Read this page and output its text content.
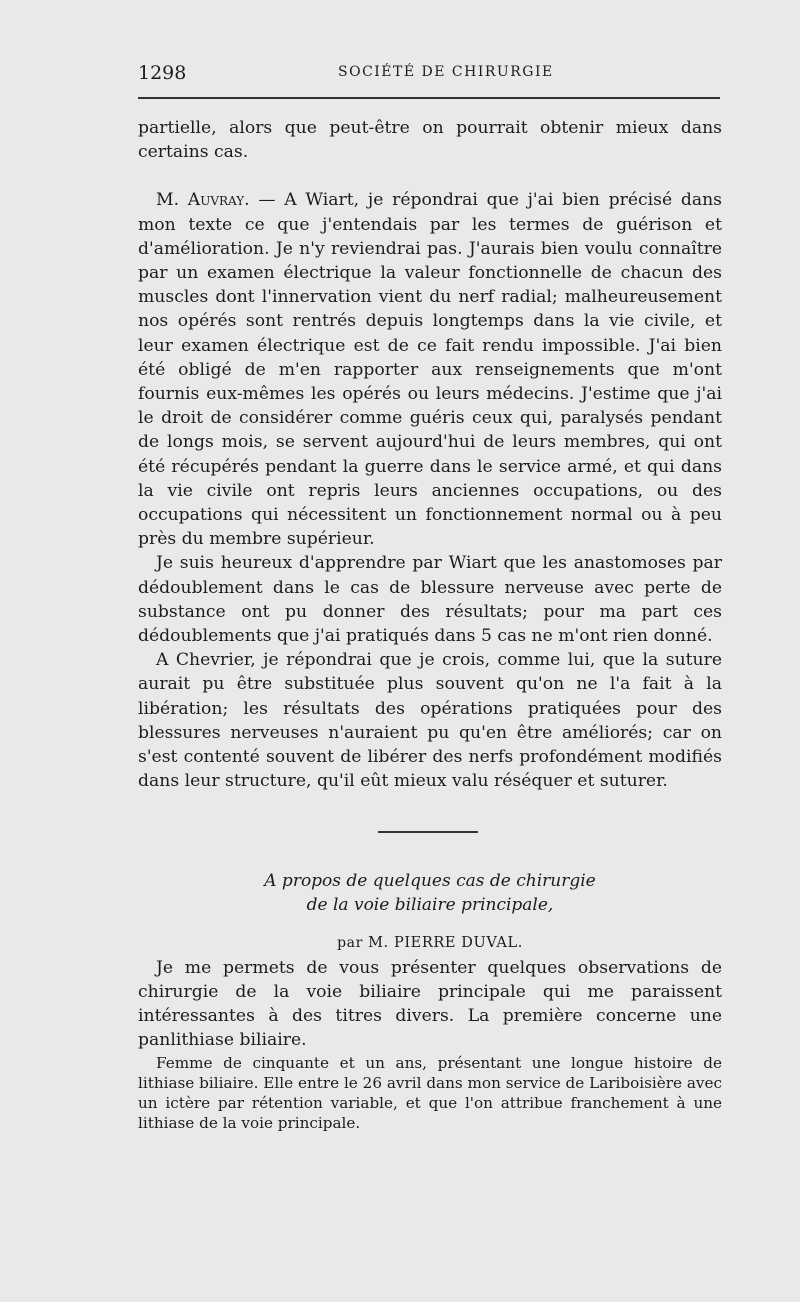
1298	SOCIÉTÉ DE CHIRURGIE

partielle, alors que peut-être on pourrait obtenir mieux dans certains cas.

M. Auvray. — A Wiart, je répondrai que j'ai bien précisé dans mon texte ce que j'entendais par les termes de guérison et d'amélioration. Je n'y reviendrai pas. J'aurais bien voulu connaître par un examen électrique la valeur fonctionnelle de chacun des muscles dont l'innervation vient du nerf radial; malheureusement nos opérés sont rentrés depuis longtemps dans la vie civile, et leur examen électrique est de ce fait rendu impossible. J'ai bien été obligé de m'en rapporter aux renseignements que m'ont fournis eux-mêmes les opérés ou leurs médecins. J'estime que j'ai le droit de considérer comme guéris ceux qui, paralysés pendant de longs mois, se servent aujourd'hui de leurs membres, qui ont été récupérés pendant la guerre dans le service armé, et qui dans la vie civile ont repris leurs anciennes occupations, ou des occupations qui nécessitent un fonctionnement normal ou à peu près du membre supérieur.

Je suis heureux d'apprendre par Wiart que les anastomoses par dédoublement dans le cas de blessure nerveuse avec perte de substance ont pu donner des résultats; pour ma part ces dédoublements que j'ai pratiqués dans 5 cas ne m'ont rien donné.

A Chevrier, je répondrai que je crois, comme lui, que la suture aurait pu être substituée plus souvent qu'on ne l'a fait à la libération; les résultats des opérations pratiquées pour des blessures nerveuses n'auraient pu qu'en être améliorés; car on s'est contenté souvent de libérer des nerfs profondément modifiés dans leur structure, qu'il eût mieux valu réséquer et suturer.

A propos de quelques cas de chirurgie
de la voie biliaire principale,
par M. PIERRE DUVAL.

Je me permets de vous présenter quelques observations de chirurgie de la voie biliaire principale qui me paraissent intéressantes à des titres divers. La première concerne une panlithiase biliaire.

Femme de cinquante et un ans, présentant une longue histoire de lithiase biliaire. Elle entre le 26 avril dans mon service de Lariboisière avec un ictère par rétention variable, et que l'on attribue franchement à une lithiase de la voie principale.
